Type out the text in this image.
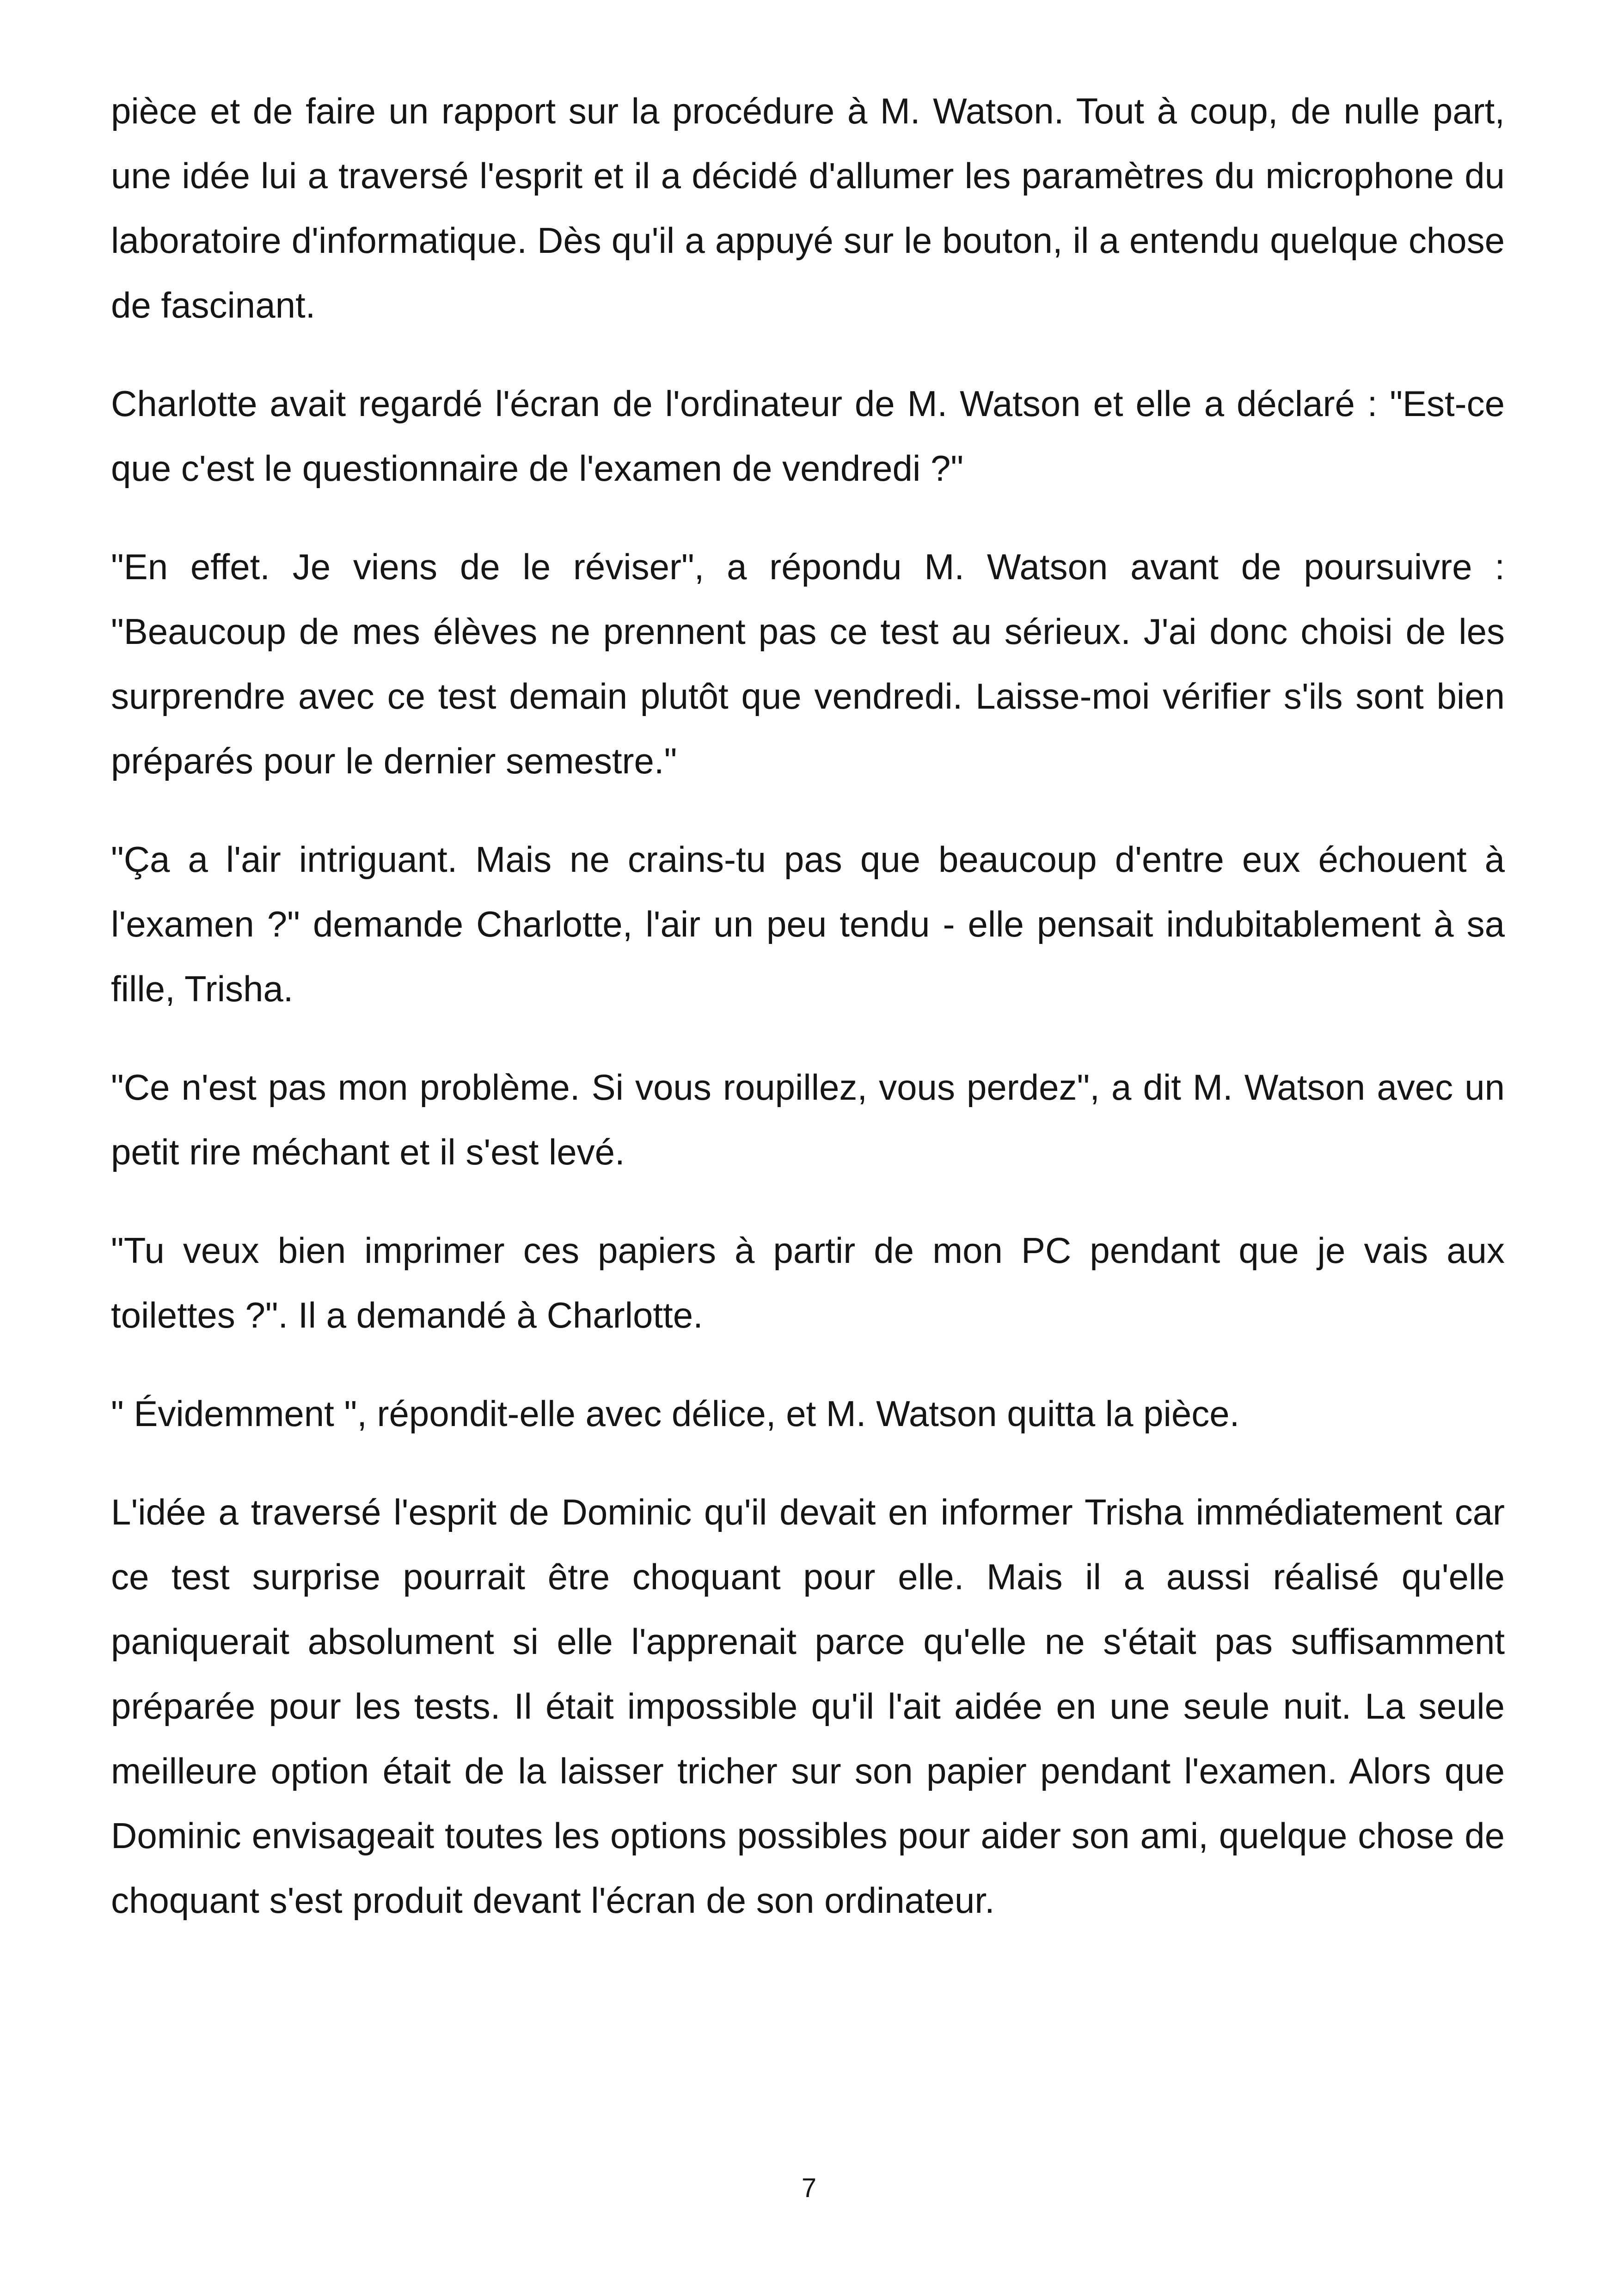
pièce et de faire un rapport sur la procédure à M. Watson. Tout à coup, de nulle part, une idée lui a traversé l'esprit et il a décidé d'allumer les paramètres du microphone du laboratoire d'informatique. Dès qu'il a appuyé sur le bouton, il a entendu quelque chose de fascinant.

Charlotte avait regardé l'écran de l'ordinateur de M. Watson et elle a déclaré : "Est-ce que c'est le questionnaire de l'examen de vendredi ?"

"En effet. Je viens de le réviser", a répondu M. Watson avant de poursuivre : "Beaucoup de mes élèves ne prennent pas ce test au sérieux. J'ai donc choisi de les surprendre avec ce test demain plutôt que vendredi. Laisse-moi vérifier s'ils sont bien préparés pour le dernier semestre."

"Ça a l'air intriguant. Mais ne crains-tu pas que beaucoup d'entre eux échouent à l'examen ?" demande Charlotte, l'air un peu tendu - elle pensait indubitablement à sa fille, Trisha.

"Ce n'est pas mon problème. Si vous roupillez, vous perdez", a dit M. Watson avec un petit rire méchant et il s'est levé.

"Tu veux bien imprimer ces papiers à partir de mon PC pendant que je vais aux toilettes ?". Il a demandé à Charlotte.

" Évidemment ", répondit-elle avec délice, et M. Watson quitta la pièce.

L'idée a traversé l'esprit de Dominic qu'il devait en informer Trisha immédiatement car ce test surprise pourrait être choquant pour elle. Mais il a aussi réalisé qu'elle paniquerait absolument si elle l'apprenait parce qu'elle ne s'était pas suffisamment préparée pour les tests. Il était impossible qu'il l'ait aidée en une seule nuit. La seule meilleure option était de la laisser tricher sur son papier pendant l'examen. Alors que Dominic envisageait toutes les options possibles pour aider son ami, quelque chose de choquant s'est produit devant l'écran de son ordinateur.

7
